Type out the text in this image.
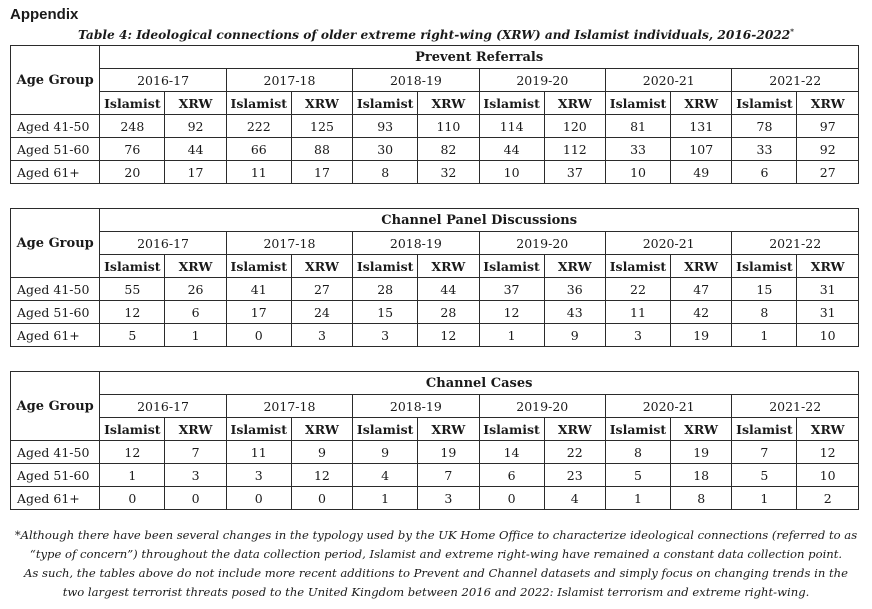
Appendix
Table 4: Ideological connections of older extreme right-wing (XRW) and Islamist individuals, 2016-2022*
Age Group	Prevent Referrals											
	2016-17		2017-18		2018-19		2019-20		2020-21		2021-22	
	Islamist	XRW	Islamist	XRW	Islamist	XRW	Islamist	XRW	Islamist	XRW	Islamist	XRW
Aged 41-50	248	92	222	125	93	110	114	120	81	131	78	97
Aged 51-60	76	44	66	88	30	82	44	112	33	107	33	92
Aged 61+	20	17	11	17	8	32	10	37	10	49	6	27
Age Group	Channel Panel Discussions											
	2016-17		2017-18		2018-19		2019-20		2020-21		2021-22	
	Islamist	XRW	Islamist	XRW	Islamist	XRW	Islamist	XRW	Islamist	XRW	Islamist	XRW
Aged 41-50	55	26	41	27	28	44	37	36	22	47	15	31
Aged 51-60	12	6	17	24	15	28	12	43	11	42	8	31
Aged 61+	5	1	0	3	3	12	1	9	3	19	1	10
Age Group	Channel Cases											
	2016-17		2017-18		2018-19		2019-20		2020-21		2021-22	
	Islamist	XRW	Islamist	XRW	Islamist	XRW	Islamist	XRW	Islamist	XRW	Islamist	XRW
Aged 41-50	12	7	11	9	9	19	14	22	8	19	7	12
Aged 51-60	1	3	3	12	4	7	6	23	5	18	5	10
Aged 61+	0	0	0	0	1	3	0	4	1	8	1	2
*Although there have been several changes in the typology used by the UK Home Office to characterize ideological connections (referred to as
“type of concern”) throughout the data collection period, Islamist and extreme right-wing have remained a constant data collection point.
As such, the tables above do not include more recent additions to Prevent and Channel datasets and simply focus on changing trends in the
two largest terrorist threats posed to the United Kingdom between 2016 and 2022: Islamist terrorism and extreme right-wing.
